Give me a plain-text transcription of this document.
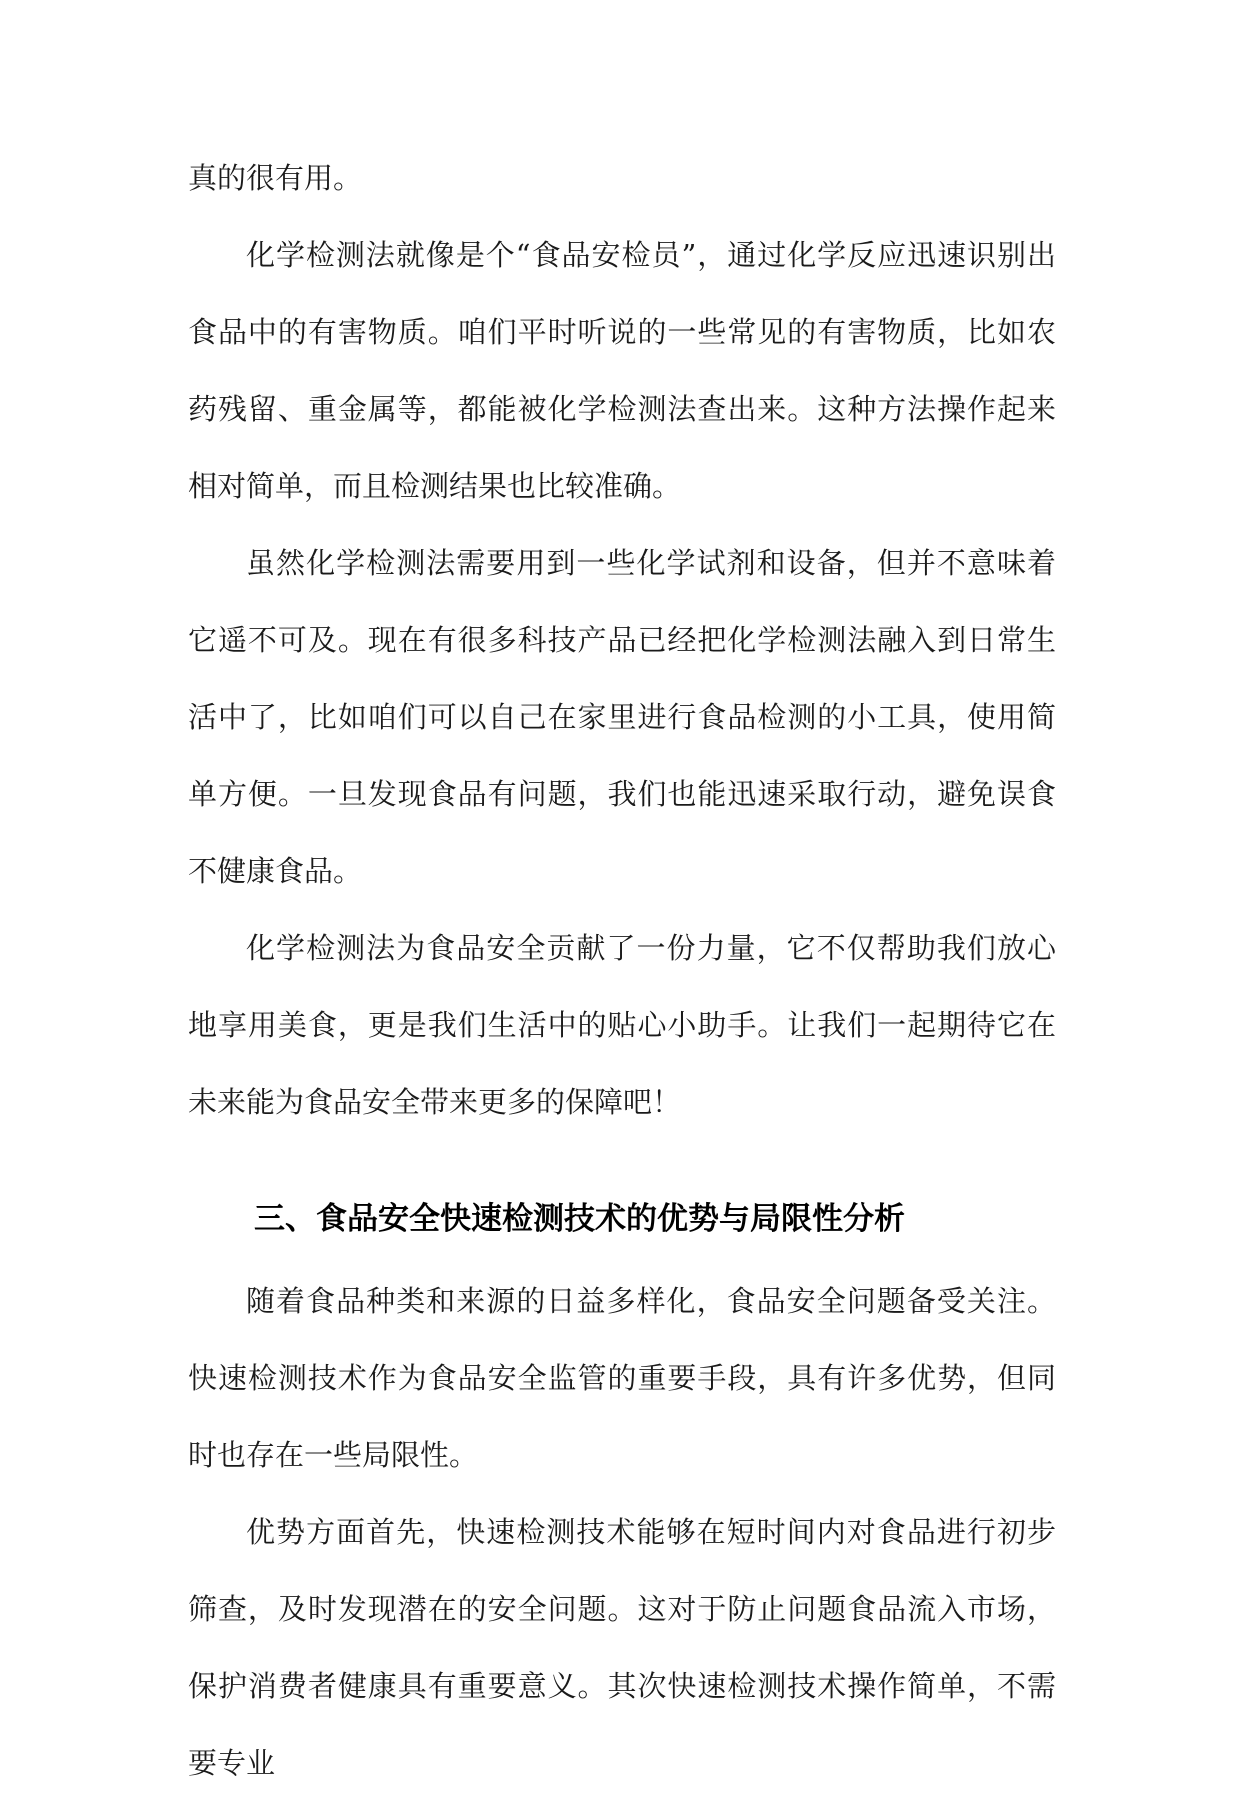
真的很有用。

化学检测法就像是个“食品安检员”，通过化学反应迅速识别出食品中的有害物质。咱们平时听说的一些常见的有害物质，比如农药残留、重金属等，都能被化学检测法查出来。这种方法操作起来相对简单，而且检测结果也比较准确。

虽然化学检测法需要用到一些化学试剂和设备，但并不意味着它遥不可及。现在有很多科技产品已经把化学检测法融入到日常生活中了，比如咱们可以自己在家里进行食品检测的小工具，使用简单方便。一旦发现食品有问题，我们也能迅速采取行动，避免误食不健康食品。

化学检测法为食品安全贡献了一份力量，它不仅帮助我们放心地享用美食，更是我们生活中的贴心小助手。让我们一起期待它在未来能为食品安全带来更多的保障吧！

三、食品安全快速检测技术的优势与局限性分析

随着食品种类和来源的日益多样化，食品安全问题备受关注。快速检测技术作为食品安全监管的重要手段，具有许多优势，但同时也存在一些局限性。

优势方面首先，快速检测技术能够在短时间内对食品进行初步筛查，及时发现潜在的安全问题。这对于防止问题食品流入市场，保护消费者健康具有重要意义。其次快速检测技术操作简单，不需要专业
